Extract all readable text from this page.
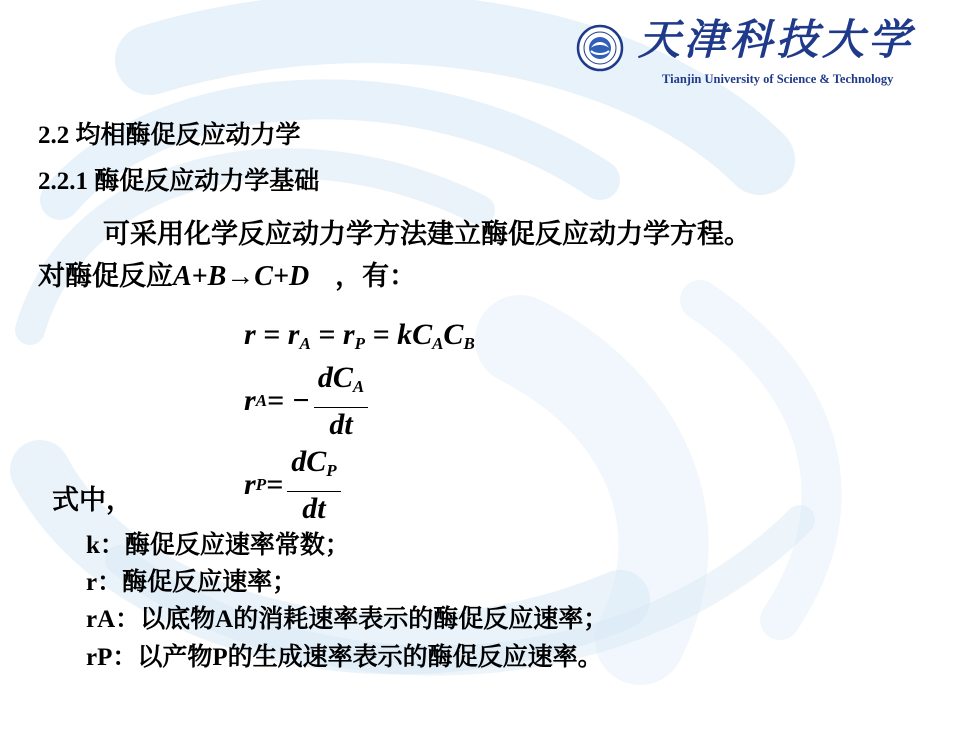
天津科技大学
Tianjin University of Science & Technology
2.2 均相酶促反应动力学
2.2.1 酶促反应动力学基础
可采用化学反应动力学方法建立酶促反应动力学方程。
对酶促反应A+B→C+D ，有：
$r = r_A = r_P = kC_AC_B$
r A = − $\frac{dC_A}{dt}$
r $P = \frac{dC_P}{dt}$
式中，
k：酶促反应速率常数；
r：酶促反应速率；
rA：以底物A的消耗速率表示的酶促反应速率；
rP：以产物P的生成速率表示的酶促反应速率。
